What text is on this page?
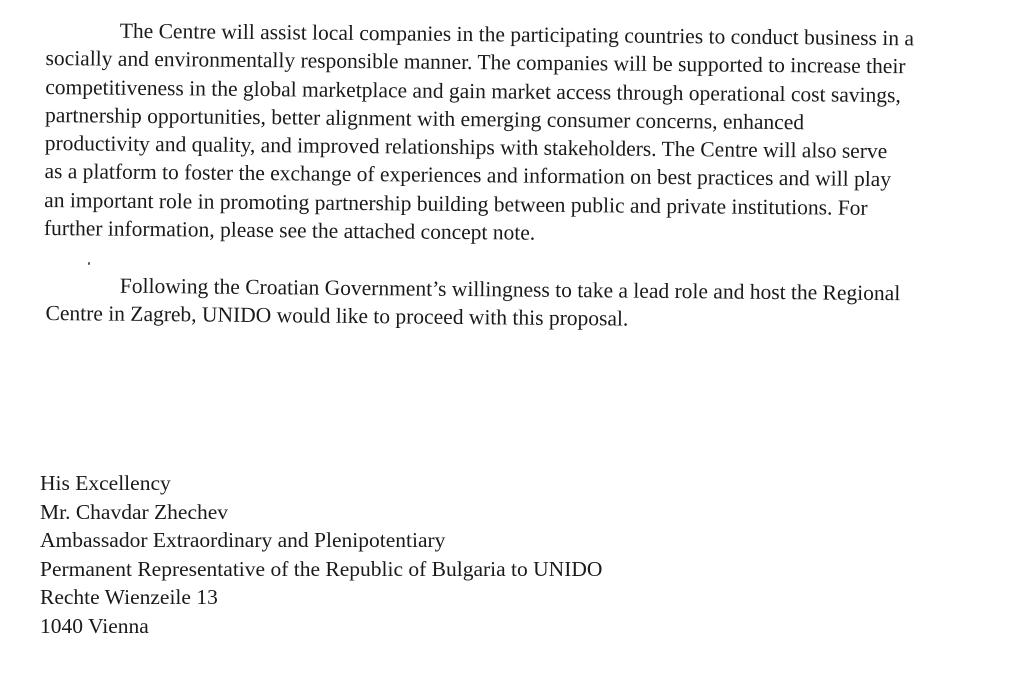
The Centre will assist local companies in the participating countries to conduct business in a
socially and environmentally responsible manner. The companies will be supported to increase their
competitiveness in the global marketplace and gain market access through operational cost savings,
partnership opportunities, better alignment with emerging consumer concerns, enhanced
productivity and quality, and improved relationships with stakeholders. The Centre will also serve
as a platform to foster the exchange of experiences and information on best practices and will play
an important role in promoting partnership building between public and private institutions. For
further information, please see the attached concept note.
Following the Croatian Government’s willingness to take a lead role and host the Regional
Centre in Zagreb, UNIDO would like to proceed with this proposal.
His Excellency
Mr. Chavdar Zhechev
Ambassador Extraordinary and Plenipotentiary
Permanent Representative of the Republic of Bulgaria to UNIDO
Rechte Wienzeile 13
1040 Vienna
